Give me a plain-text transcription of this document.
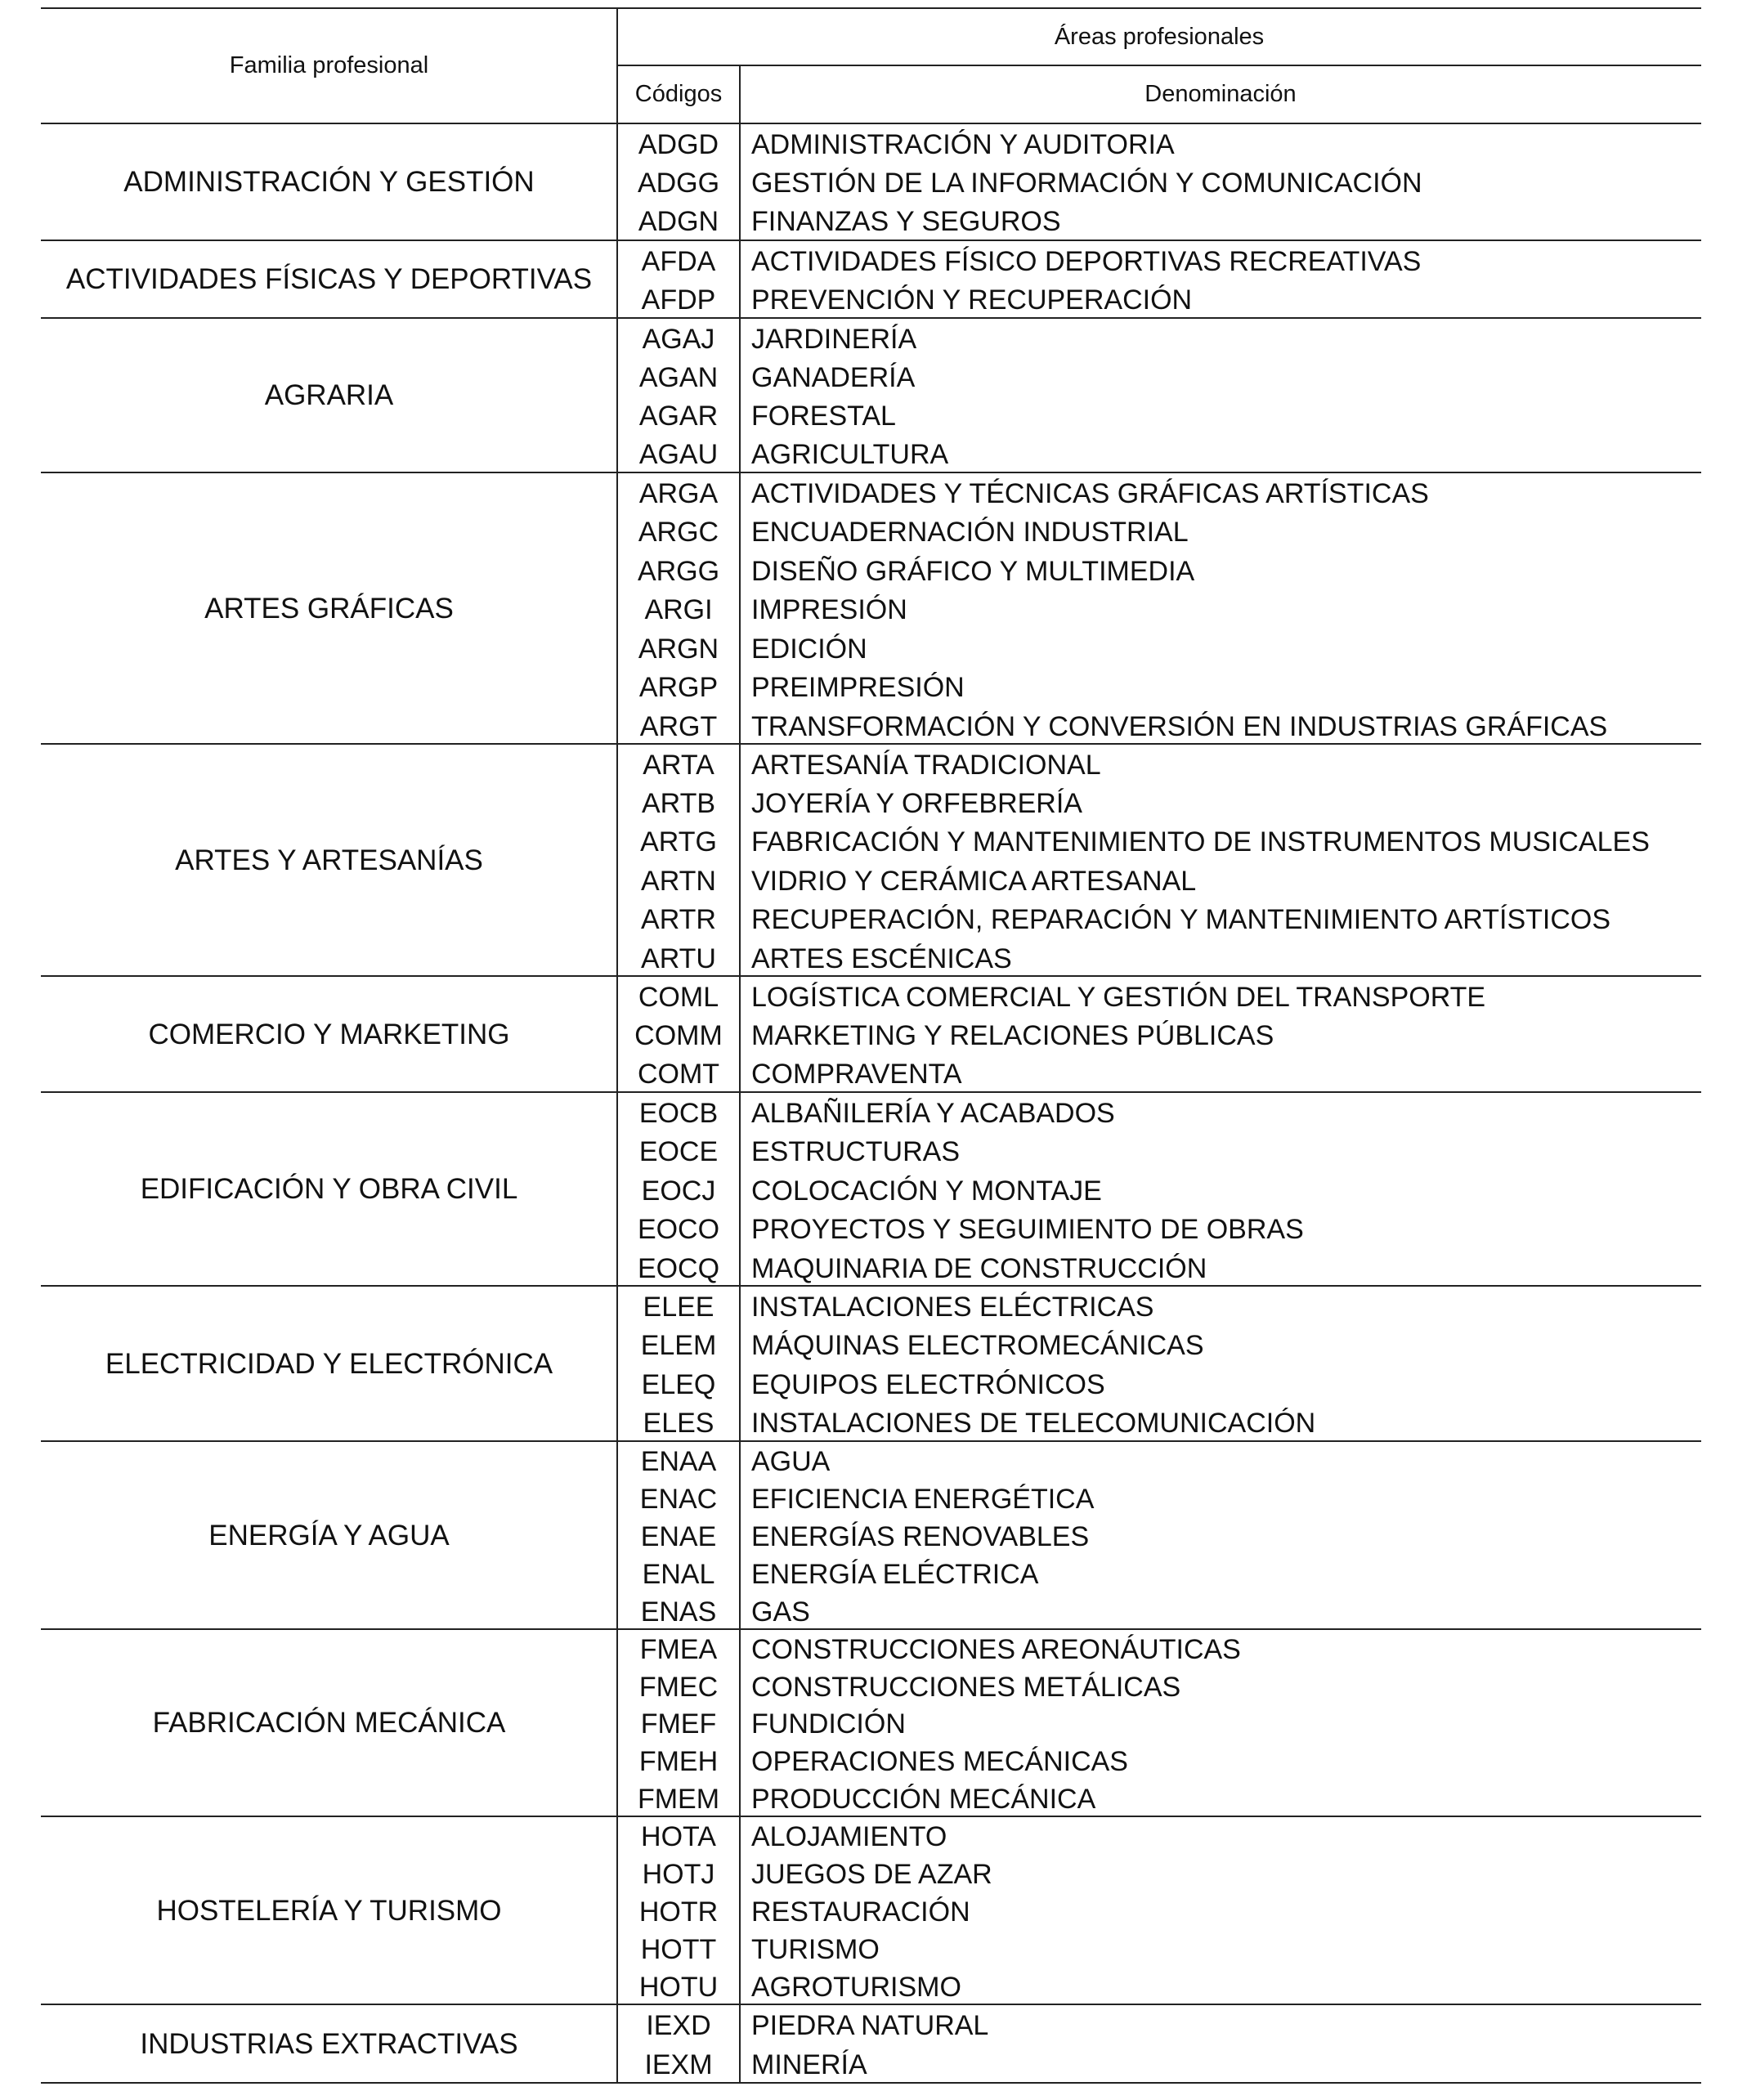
Familia profesional
Áreas profesionales
Códigos	Denominación
ADMINISTRACIÓN Y GESTIÓN
ADGD	ADMINISTRACIÓN Y AUDITORIA
ADGG	GESTIÓN DE LA INFORMACIÓN Y COMUNICACIÓN
ADGN	FINANZAS Y SEGUROS
ACTIVIDADES FÍSICAS Y DEPORTIVAS
AFDA	ACTIVIDADES FÍSICO DEPORTIVAS RECREATIVAS
AFDP	PREVENCIÓN Y RECUPERACIÓN
AGRARIA
AGAJ	JARDINERÍA
AGAN	GANADERÍA
AGAR	FORESTAL
AGAU	AGRICULTURA
ARTES GRÁFICAS
ARGA	ACTIVIDADES Y TÉCNICAS GRÁFICAS ARTÍSTICAS
ARGC	ENCUADERNACIÓN INDUSTRIAL
ARGG	DISEÑO GRÁFICO Y MULTIMEDIA
ARGI	IMPRESIÓN
ARGN	EDICIÓN
ARGP	PREIMPRESIÓN
ARGT	TRANSFORMACIÓN Y CONVERSIÓN EN INDUSTRIAS GRÁFICAS
ARTES Y ARTESANÍAS
ARTA	ARTESANÍA TRADICIONAL
ARTB	JOYERÍA Y ORFEBRERÍA
ARTG	FABRICACIÓN Y MANTENIMIENTO DE INSTRUMENTOS MUSICALES
ARTN	VIDRIO Y CERÁMICA ARTESANAL
ARTR	RECUPERACIÓN, REPARACIÓN Y MANTENIMIENTO ARTÍSTICOS
ARTU	ARTES ESCÉNICAS
COMERCIO Y MARKETING
COML	LOGÍSTICA COMERCIAL Y GESTIÓN DEL TRANSPORTE
COMM	MARKETING Y RELACIONES PÚBLICAS
COMT	COMPRAVENTA
EDIFICACIÓN Y OBRA CIVIL
EOCB	ALBAÑILERÍA Y ACABADOS
EOCE	ESTRUCTURAS
EOCJ	COLOCACIÓN Y MONTAJE
EOCO	PROYECTOS Y SEGUIMIENTO DE OBRAS
EOCQ	MAQUINARIA DE CONSTRUCCIÓN
ELECTRICIDAD Y ELECTRÓNICA
ELEE	INSTALACIONES ELÉCTRICAS
ELEM	MÁQUINAS ELECTROMECÁNICAS
ELEQ	EQUIPOS ELECTRÓNICOS
ELES	INSTALACIONES DE TELECOMUNICACIÓN
ENERGÍA Y AGUA
ENAA	AGUA
ENAC	EFICIENCIA ENERGÉTICA
ENAE	ENERGÍAS RENOVABLES
ENAL	ENERGÍA ELÉCTRICA
ENAS	GAS
FABRICACIÓN MECÁNICA
FMEA	CONSTRUCCIONES AREONÁUTICAS
FMEC	CONSTRUCCIONES METÁLICAS
FMEF	FUNDICIÓN
FMEH	OPERACIONES MECÁNICAS
FMEM	PRODUCCIÓN MECÁNICA
HOSTELERÍA Y TURISMO
HOTA	ALOJAMIENTO
HOTJ	JUEGOS DE AZAR
HOTR	RESTAURACIÓN
HOTT	TURISMO
HOTU	AGROTURISMO
INDUSTRIAS EXTRACTIVAS
IEXD	PIEDRA NATURAL
IEXM	MINERÍA
